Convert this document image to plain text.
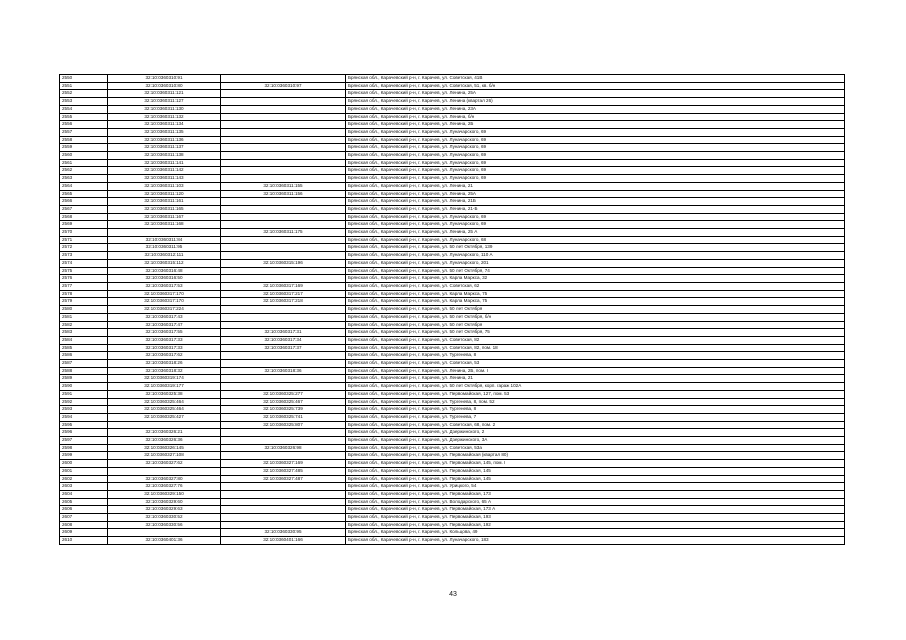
2550	32:10:0360310:91		Брянская обл., Карачевский р-н, г. Карачев, ул. Советская, 41В
2551	32:10:0360310:80	32:10:0360310:97	Брянская обл., Карачевский р-н, г. Карачев, ул. Советская, 51, кв. б/н
2552	32:10:0360311:121		Брянская обл., Карачевский р-н, г. Карачев, ул. Ленина, 25А
2553	32:10:0360311:127		Брянская обл., Карачевский р-н, г. Карачев, ул. Ленина (квартал 26)
2554	32:10:0360311:130		Брянская обл., Карачевский р-н, г. Карачев, ул. Ленина, 23А
2555	32:10:0360311:132		Брянская обл., Карачевский р-н, г. Карачев, ул. Ленина, б/н
2556	32:10:0360311:134		Брянская обл., Карачевский р-н, г. Карачев, ул. Ленина, 2Б
2557	32:10:0360311:135		Брянская обл., Карачевский р-н, г. Карачев, ул. Луначарского, 69
2558	32:10:0360311:136		Брянская обл., Карачевский р-н, г. Карачев, ул. Луначарского, 69
2559	32:10:0360311:137		Брянская обл., Карачевский р-н, г. Карачев, ул. Луначарского, 69
2560	32:10:0360311:138		Брянская обл., Карачевский р-н, г. Карачев, ул. Луначарского, 69
2561	32:10:0360311:141		Брянская обл., Карачевский р-н, г. Карачев, ул. Луначарского, 69
2562	32:10:0360311:142		Брянская обл., Карачевский р-н, г. Карачев, ул. Луначарского, 69
2563	32:10:0360311:143		Брянская обл., Карачевский р-н, г. Карачев, ул. Луначарского, 69
2564	32:10:0360311:103	32:10:0360311:155	Брянская обл., Карачевский р-н, г. Карачев, ул. Ленина, 21
2565	32:10:0360311:120	32:10:0360311:156	Брянская обл., Карачевский р-н, г. Карачев, ул. Ленина, 25А
2566	32:10:0360311:161		Брянская обл., Карачевский р-н, г. Карачев, ул. Ленина, 21Б
2567	32:10:0360311:165		Брянская обл., Карачевский р-н, г. Карачев, ул. Ленина, 21-Б
2568	32:10:0360311:167		Брянская обл., Карачевский р-н, г. Карачев, ул. Луначарского, 69
2569	32:10:0360311:168		Брянская обл., Карачевский р-н, г. Карачев, ул. Луначарского, 69
2570		32:10:0360311:175	Брянская обл., Карачевский р-н, г. Карачев, ул. Ленина, 25 А
2571	32:10:0360311:84		Брянская обл., Карачевский р-н, г. Карачев, ул. Луначарского, 68
2572	32:10:0360311:95		Брянская обл., Карачевский р-н, г. Карачев, ул. 50 лет Октября, 139
2573	32:10:0360312:111		Брянская обл., Карачевский р-н, г. Карачев, ул. Луначарского, 110 А
2574	32:10:0360315:112	32:10:0360315:196	Брянская обл., Карачевский р-н, г. Карачев, ул. Луначарского, 201
2575	32:10:0360316:48		Брянская обл., Карачевский р-н, г. Карачев, ул. 50 лет Октября, 74
2576	32:10:0360316:50		Брянская обл., Карачевский р-н, г. Карачев, ул. Карла Маркса, 32
2577	32:10:0360317:53	32:10:0360317:169	Брянская обл., Карачевский р-н, г. Карачев, ул. Советская, 62
2578	32:10:0360317:170	32:10:0360317:217	Брянская обл., Карачевский р-н, г. Карачев, ул. Карла Маркса, 75
2579	32:10:0360317:170	32:10:0360317:218	Брянская обл., Карачевский р-н, г. Карачев, ул. Карла Маркса, 75
2580	32:10:0360317:224		Брянская обл., Карачевский р-н, г. Карачев, ул. 50 лет Октября
2581	32:10:0360317:43		Брянская обл., Карачевский р-н, г. Карачев, ул. 50 лет Октября, б/н
2582	32:10:0360317:47		Брянская обл., Карачевский р-н, г. Карачев, ул. 50 лет Октября
2583	32:10:0360317:55	32:10:0360317:31	Брянская обл., Карачевский р-н, г. Карачев, ул. 50 лет Октября, 75
2584	32:10:0360317:33	32:10:0360317:34	Брянская обл., Карачевский р-н, г. Карачев, ул. Советская, 82
2585	32:10:0360317:33	32:10:0360317:37	Брянская обл., Карачевский р-н, г. Карачев, ул. Советская, 82, пом. 18
2586	32:10:0360317:62		Брянская обл., Карачевский р-н, г. Карачев, ул. Тургенева, 8
2587	32:10:0360318:26		Брянская обл., Карачевский р-н, г. Карачев, ул. Советская, 53
2588	32:10:0360318:32	32:10:0360318:36	Брянская обл., Карачевский р-н, г. Карачев, ул. Ленина, 2Б, пом. I
2589	32:10:0360319:174		Брянская обл., Карачевский р-н, г. Карачев, ул. Ленина, 21
2590	32:10:0360319:177		Брянская обл., Карачевский р-н, г. Карачев, ул. 50 лет Октября, корп. гараж 102А
2591	32:10:0360325:38	32:10:0360325:277	Брянская обл., Карачевский р-н, г. Карачев, ул. Первомайская, 127, пом. 53
2592	32:10:0360325:464	32:10:0360325:467	Брянская обл., Карачевский р-н, г. Карачев, ул. Тургенева, 8, пом. 52
2593	32:10:0360325:464	32:10:0360325:739	Брянская обл., Карачевский р-н, г. Карачев, ул. Тургенева, 8
2594	32:10:0360325:427	32:10:0360325:741	Брянская обл., Карачевский р-н, г. Карачев, ул. Тургенева, 7
2595		32:10:0360325:807	Брянская обл., Карачевский р-н, г. Карачев, ул. Советская, 68, пом. 2
2596	32:10:0360326:21		Брянская обл., Карачевский р-н, г. Карачев, ул. Дзержинского, 2
2597	32:10:0360326:36		Брянская обл., Карачевский р-н, г. Карачев, ул. Дзержинского, 3А
2598	32:10:0360326:145	32:10:0360326:98	Брянская обл., Карачевский р-н, г. Карачев, ул. Советская, 53а
2599	32:10:0360327:108		Брянская обл., Карачевский р-н, г. Карачев, ул. Первомайская (квартал 80)
2600	32:10:0360327:62	32:10:0360327:169	Брянская обл., Карачевский р-н, г. Карачев, ул. Первомайская, 145, пом. I
2601		32:10:0360327:485	Брянская обл., Карачевский р-н, г. Карачев, ул. Первомайская, 145
2602	32:10:0360327:80	32:10:0360327:487	Брянская обл., Карачевский р-н, г. Карачев, ул. Первомайская, 145
2603	32:10:0360327:76		Брянская обл., Карачевский р-н, г. Карачев, ул. Урицкого, 54
2604	32:10:0360329:150		Брянская обл., Карачевский р-н, г. Карачев, ул. Первомайская, 173
2605	32:10:0360329:60		Брянская обл., Карачевский р-н, г. Карачев, ул. Володарского, 65 А
2606	32:10:0360329:63		Брянская обл., Карачевский р-н, г. Карачев, ул. Первомайская, 173 А
2607	32:10:0360330:52		Брянская обл., Карачевский р-н, г. Карачев, ул. Первомайская, 193
2608	32:10:0360330:56		Брянская обл., Карачевский р-н, г. Карачев, ул. Первомайская, 192
2609		32:10:0360330:95	Брянская обл., Карачевский р-н, г. Карачев, ул. Кольцова, 49
2610	32:10:0360401:36	32:10:0360401:166	Брянская обл., Карачевский р-н, г. Карачев, ул. Луначарского, 183
43
